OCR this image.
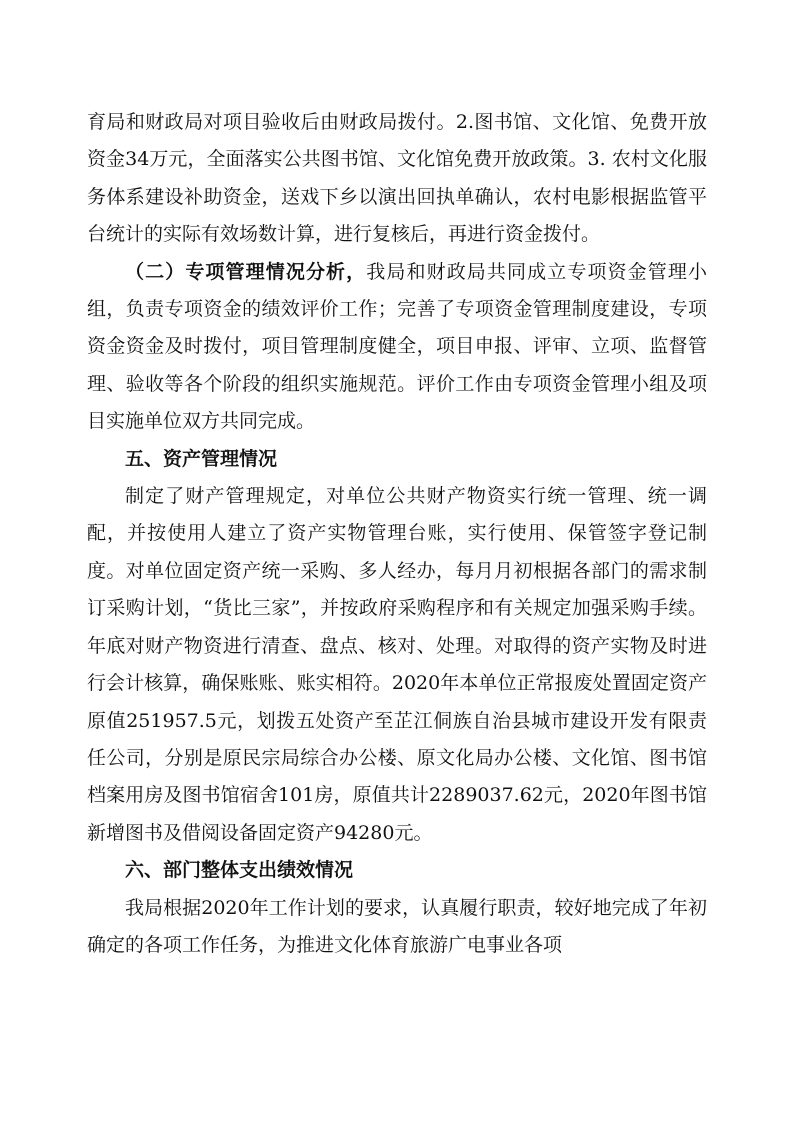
育局和财政局对项目验收后由财政局拨付。2.图书馆、文化馆、免费开放资金34万元，全面落实公共图书馆、文化馆免费开放政策。3. 农村文化服务体系建设补助资金，送戏下乡以演出回执单确认，农村电影根据监管平台统计的实际有效场数计算，进行复核后，再进行资金拨付。

（二）专项管理情况分析，我局和财政局共同成立专项资金管理小组，负责专项资金的绩效评价工作；完善了专项资金管理制度建设，专项资金资金及时拨付，项目管理制度健全，项目申报、评审、立项、监督管理、验收等各个阶段的组织实施规范。评价工作由专项资金管理小组及项目实施单位双方共同完成。

五、资产管理情况

制定了财产管理规定，对单位公共财产物资实行统一管理、统一调配，并按使用人建立了资产实物管理台账，实行使用、保管签字登记制度。对单位固定资产统一采购、多人经办，每月月初根据各部门的需求制订采购计划，“货比三家”，并按政府采购程序和有关规定加强采购手续。年底对财产物资进行清查、盘点、核对、处理。对取得的资产实物及时进行会计核算，确保账账、账实相符。2020年本单位正常报废处置固定资产原值251957.5元，划拨五处资产至芷江侗族自治县城市建设开发有限责任公司，分别是原民宗局综合办公楼、原文化局办公楼、文化馆、图书馆档案用房及图书馆宿舍101房，原值共计2289037.62元，2020年图书馆新增图书及借阅设备固定资产94280元。

六、部门整体支出绩效情况

我局根据2020年工作计划的要求，认真履行职责，较好地完成了年初确定的各项工作任务，为推进文化体育旅游广电事业各项
